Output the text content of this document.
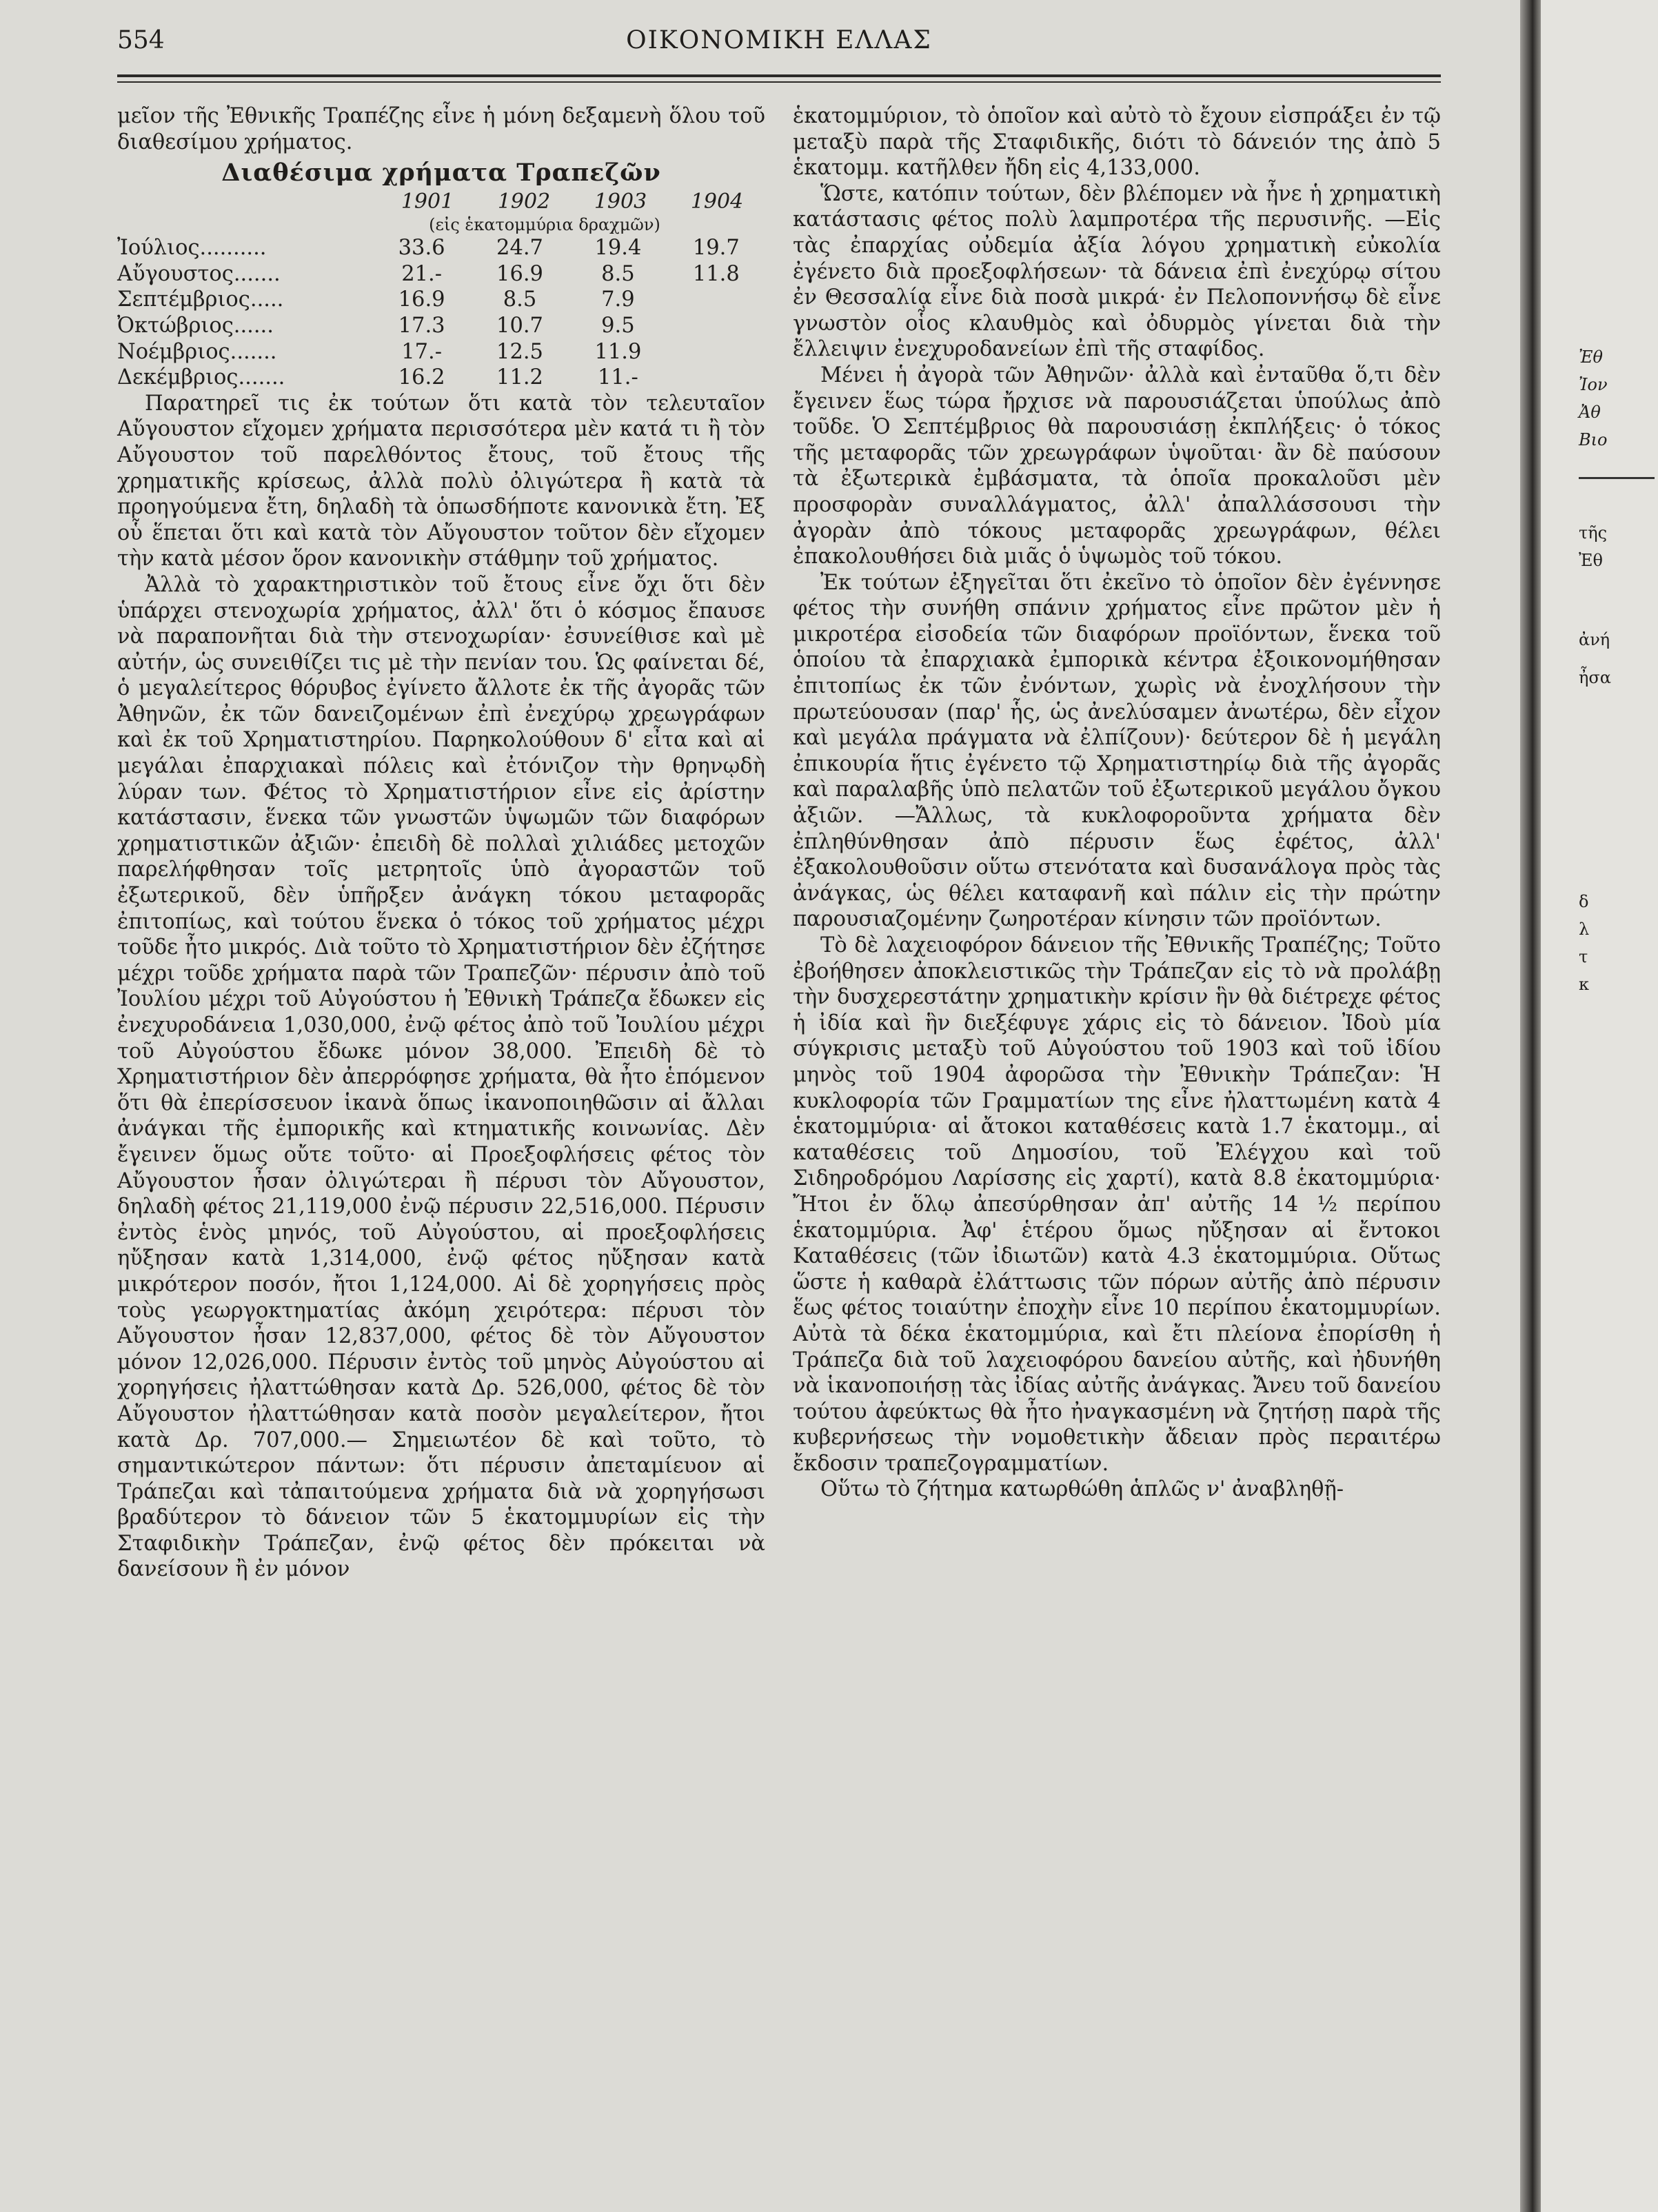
554	ΟΙΚΟΝΟΜΙΚΗ ΕΛΛΑΣ

μεῖον τῆς Ἐθνικῆς Τραπέζης εἶνε ἡ μόνη δεξαμενὴ ὅλου τοῦ διαθεσίμου χρήματος.

Διαθέσιμα χρήματα Τραπεζῶν
1901	1902	1903	1904
(εἰς ἑκατομμύρια δραχμῶν)
Ἰούλιος..........	33.6	24.7	19.4	19.7
Αὔγουστος.......	21.-	16.9	8.5	11.8
Σεπτέμβριος.....	16.9	8.5	7.9	
Ὀκτώβριος......	17.3	10.7	9.5	
Νοέμβριος.......	17.-	12.5	11.9	
Δεκέμβριος.......	16.2	11.2	11.-	

Παρατηρεῖ τις ἐκ τούτων ὅτι κατὰ τὸν τελευταῖον Αὔγουστον εἴχομεν χρήματα περισσότερα μὲν κατά τι ἢ τὸν Αὔγουστον τοῦ παρελθόντος ἔτους, τοῦ ἔτους τῆς χρηματικῆς κρίσεως, ἀλλὰ πολὺ ὀλιγώτερα ἢ κατὰ τὰ προηγούμενα ἔτη, δηλαδὴ τὰ ὁπωσδήποτε κανονικὰ ἔτη. Ἐξ οὗ ἕπεται ὅτι καὶ κατὰ τὸν Αὔγουστον τοῦτον δὲν εἴχομεν τὴν κατὰ μέσον ὅρον κανονικὴν στάθμην τοῦ χρήματος.

Ἀλλὰ τὸ χαρακτηριστικὸν τοῦ ἔτους εἶνε ὄχι ὅτι δὲν ὑπάρχει στενοχωρία χρήματος, ἀλλ' ὅτι ὁ κόσμος ἔπαυσε νὰ παραπονῆται διὰ τὴν στενοχωρίαν· ἐσυνείθισε καὶ μὲ αὐτήν, ὡς συνειθίζει τις μὲ τὴν πενίαν του. Ὡς φαίνεται δέ, ὁ μεγαλείτερος θόρυβος ἐγίνετο ἄλλοτε ἐκ τῆς ἀγορᾶς τῶν Ἀθηνῶν, ἐκ τῶν δανειζομένων ἐπὶ ἐνεχύρῳ χρεωγράφων καὶ ἐκ τοῦ Χρηματιστηρίου. Παρηκολούθουν δ' εἶτα καὶ αἱ μεγάλαι ἐπαρχιακαὶ πόλεις καὶ ἐτόνιζον τὴν θρηνῳδὴ λύραν των. Φέτος τὸ Χρηματιστήριον εἶνε εἰς ἀρίστην κατάστασιν, ἕνεκα τῶν γνωστῶν ὑψωμῶν τῶν διαφόρων χρηματιστικῶν ἀξιῶν· ἐπειδὴ δὲ πολλαὶ χιλιάδες μετοχῶν παρελήφθησαν τοῖς μετρητοῖς ὑπὸ ἀγοραστῶν τοῦ ἐξωτερικοῦ, δὲν ὑπῆρξεν ἀνάγκη τόκου μεταφορᾶς ἐπιτοπίως, καὶ τούτου ἕνεκα ὁ τόκος τοῦ χρήματος μέχρι τοῦδε ἦτο μικρός. Διὰ τοῦτο τὸ Χρηματιστήριον δὲν ἐζήτησε μέχρι τοῦδε χρήματα παρὰ τῶν Τραπεζῶν· πέρυσιν ἀπὸ τοῦ Ἰουλίου μέχρι τοῦ Αὐγούστου ἡ Ἐθνικὴ Τράπεζα ἔδωκεν εἰς ἐνεχυροδάνεια 1,030,000, ἐνῷ φέτος ἀπὸ τοῦ Ἰουλίου μέχρι τοῦ Αὐγούστου ἔδωκε μόνον 38,000. Ἐπειδὴ δὲ τὸ Χρηματιστήριον δὲν ἀπερρόφησε χρήματα, θὰ ἦτο ἑπόμενον ὅτι θὰ ἐπερίσσευον ἱκανὰ ὅπως ἱκανοποιηθῶσιν αἱ ἄλλαι ἀνάγκαι τῆς ἐμπορικῆς καὶ κτηματικῆς κοινωνίας. Δὲν ἔγεινεν ὅμως οὔτε τοῦτο· αἱ Προεξοφλήσεις φέτος τὸν Αὔγουστον ἦσαν ὀλιγώτεραι ἢ πέρυσι τὸν Αὔγουστον, δηλαδὴ φέτος 21,119,000 ἐνῷ πέρυσιν 22,516,000. Πέρυσιν ἐντὸς ἑνὸς μηνός, τοῦ Αὐγούστου, αἱ προεξοφλήσεις ηὔξησαν κατὰ 1,314,000, ἐνῷ φέτος ηὔξησαν κατὰ μικρότερον ποσόν, ἤτοι 1,124,000. Αἱ δὲ χορηγήσεις πρὸς τοὺς γεωργοκτηματίας ἀκόμη χειρότερα: πέρυσι τὸν Αὔγουστον ἦσαν 12,837,000, φέτος δὲ τὸν Αὔγουστον μόνον 12,026,000. Πέρυσιν ἐντὸς τοῦ μηνὸς Αὐγούστου αἱ χορηγήσεις ἠλαττώθησαν κατὰ Δρ. 526,000, φέτος δὲ τὸν Αὔγουστον ἠλαττώθησαν κατὰ ποσὸν μεγαλείτερον, ἤτοι κατὰ Δρ. 707,000.— Σημειωτέον δὲ καὶ τοῦτο, τὸ σημαντικώτερον πάντων: ὅτι πέρυσιν ἀπεταμίευον αἱ Τράπεζαι καὶ τἀπαιτούμενα χρήματα διὰ νὰ χορηγήσωσι βραδύτερον τὸ δάνειον τῶν 5 ἑκατομμυρίων εἰς τὴν Σταφιδικὴν Τράπεζαν, ἐνῷ φέτος δὲν πρόκειται νὰ δανείσουν ἢ ἐν μόνον

ἑκατομμύριον, τὸ ὁποῖον καὶ αὐτὸ τὸ ἔχουν εἰσπράξει ἐν τῷ μεταξὺ παρὰ τῆς Σταφιδικῆς, διότι τὸ δάνειόν της ἀπὸ 5 ἑκατομμ. κατῆλθεν ἤδη εἰς 4,133,000.

Ὥστε, κατόπιν τούτων, δὲν βλέπομεν νὰ ἦνε ἡ χρηματικὴ κατάστασις φέτος πολὺ λαμπροτέρα τῆς περυσινῆς. —Εἰς τὰς ἐπαρχίας οὐδεμία ἀξία λόγου χρηματικὴ εὐκολία ἐγένετο διὰ προεξοφλήσεων· τὰ δάνεια ἐπὶ ἐνεχύρῳ σίτου ἐν Θεσσαλίᾳ εἶνε διὰ ποσὰ μικρά· ἐν Πελοποννήσῳ δὲ εἶνε γνωστὸν οἷος κλαυθμὸς καὶ ὀδυρμὸς γίνεται διὰ τὴν ἔλλειψιν ἐνεχυροδανείων ἐπὶ τῆς σταφίδος.

Μένει ἡ ἀγορὰ τῶν Ἀθηνῶν· ἀλλὰ καὶ ἐνταῦθα ὅ,τι δὲν ἔγεινεν ἕως τώρα ἤρχισε νὰ παρουσιάζεται ὑπούλως ἀπὸ τοῦδε. Ὁ Σεπτέμβριος θὰ παρουσιάσῃ ἐκπλήξεις· ὁ τόκος τῆς μεταφορᾶς τῶν χρεωγράφων ὑψοῦται· ἂν δὲ παύσουν τὰ ἐξωτερικὰ ἐμβάσματα, τὰ ὁποῖα προκαλοῦσι μὲν προσφορὰν συναλλάγματος, ἀλλ' ἀπαλλάσσουσι τὴν ἀγορὰν ἀπὸ τόκους μεταφορᾶς χρεωγράφων, θέλει ἐπακολουθήσει διὰ μιᾶς ὁ ὑψωμὸς τοῦ τόκου.

Ἐκ τούτων ἐξηγεῖται ὅτι ἐκεῖνο τὸ ὁποῖον δὲν ἐγέννησε φέτος τὴν συνήθη σπάνιν χρήματος εἶνε πρῶτον μὲν ἡ μικροτέρα εἰσοδεία τῶν διαφόρων προϊόντων, ἕνεκα τοῦ ὁποίου τὰ ἐπαρχιακὰ ἐμπορικὰ κέντρα ἐξοικονομήθησαν ἐπιτοπίως ἐκ τῶν ἐνόντων, χωρὶς νὰ ἐνοχλήσουν τὴν πρωτεύουσαν (παρ' ἧς, ὡς ἀνελύσαμεν ἀνωτέρω, δὲν εἶχον καὶ μεγάλα πράγματα νὰ ἐλπίζουν)· δεύτερον δὲ ἡ μεγάλη ἐπικουρία ἥτις ἐγένετο τῷ Χρηματιστηρίῳ διὰ τῆς ἀγορᾶς καὶ παραλαβῆς ὑπὸ πελατῶν τοῦ ἐξωτερικοῦ μεγάλου ὄγκου ἀξιῶν. —Ἄλλως, τὰ κυκλοφοροῦντα χρήματα δὲν ἐπληθύνθησαν ἀπὸ πέρυσιν ἕως ἐφέτος, ἀλλ' ἐξακολουθοῦσιν οὕτω στενότατα καὶ δυσανάλογα πρὸς τὰς ἀνάγκας, ὡς θέλει καταφανῆ καὶ πάλιν εἰς τὴν πρώτην παρουσιαζομένην ζωηροτέραν κίνησιν τῶν προϊόντων.

Τὸ δὲ λαχειοφόρον δάνειον τῆς Ἐθνικῆς Τραπέζης; Τοῦτο ἐβοήθησεν ἀποκλειστικῶς τὴν Τράπεζαν εἰς τὸ νὰ προλάβῃ τὴν δυσχερεστάτην χρηματικὴν κρίσιν ἣν θὰ διέτρεχε φέτος ἡ ἰδία καὶ ἣν διεξέφυγε χάρις εἰς τὸ δάνειον. Ἰδοὺ μία σύγκρισις μεταξὺ τοῦ Αὐγούστου τοῦ 1903 καὶ τοῦ ἰδίου μηνὸς τοῦ 1904 ἀφορῶσα τὴν Ἐθνικὴν Τράπεζαν: Ἡ κυκλοφορία τῶν Γραμματίων της εἶνε ἠλαττωμένη κατὰ 4 ἑκατομμύρια· αἱ ἄτοκοι καταθέσεις κατὰ 1.7 ἑκατομμ., αἱ καταθέσεις τοῦ Δημοσίου, τοῦ Ἐλέγχου καὶ τοῦ Σιδηροδρόμου Λαρίσσης εἰς χαρτί), κατὰ 8.8 ἑκατομμύρια· Ἤτοι ἐν ὅλῳ ἀπεσύρθησαν ἀπ' αὐτῆς 14 ½ περίπου ἑκατομμύρια. Ἀφ' ἑτέρου ὅμως ηὔξησαν αἱ ἔντοκοι Καταθέσεις (τῶν ἰδιωτῶν) κατὰ 4.3 ἑκατομμύρια. Οὕτως ὥστε ἡ καθαρὰ ἐλάττωσις τῶν πόρων αὐτῆς ἀπὸ πέρυσιν ἕως φέτος τοιαύτην ἐποχὴν εἶνε 10 περίπου ἑκατομμυρίων. Αὐτὰ τὰ δέκα ἑκατομμύρια, καὶ ἔτι πλείονα ἐπορίσθη ἡ Τράπεζα διὰ τοῦ λαχειοφόρου δανείου αὐτῆς, καὶ ἠδυνήθη νὰ ἱκανοποιήσῃ τὰς ἰδίας αὐτῆς ἀνάγκας. Ἄνευ τοῦ δανείου τούτου ἀφεύκτως θὰ ἦτο ἠναγκασμένη νὰ ζητήσῃ παρὰ τῆς κυβερνήσεως τὴν νομοθετικὴν ἄδειαν πρὸς περαιτέρω ἔκδοσιν τραπεζογραμματίων.

Οὕτω τὸ ζήτημα κατωρθώθη ἁπλῶς ν' ἀναβληθῇ-

Ἐθ
Ἰον
Ἀθ
Βιο
τῆς
Ἐθ
ἀνή
ἦσα
δ
λ
τ
κ
